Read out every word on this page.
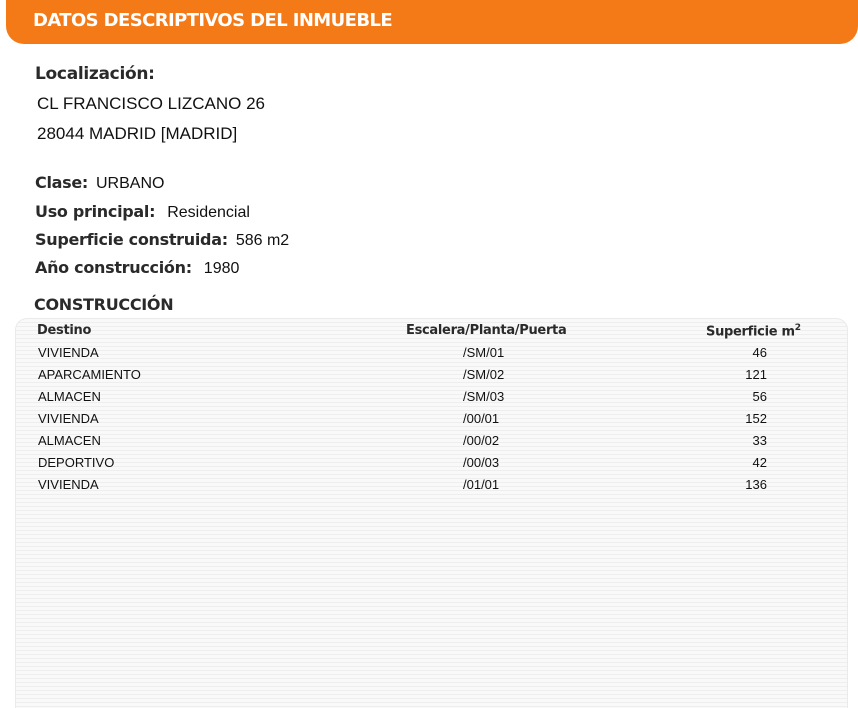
DATOS DESCRIPTIVOS DEL INMUEBLE
Localización:
CL FRANCISCO LIZCANO 26
28044 MADRID [MADRID]
Clase: URBANO
Uso principal: Residencial
Superficie construida: 586 m2
Año construcción: 1980
CONSTRUCCIÓN
Destino	Escalera/Planta/Puerta	Superficie $m^2$
VIVIENDA	/SM/01	46
APARCAMIENTO	/SM/02	121
ALMACEN	/SM/03	56
VIVIENDA	/00/01	152
ALMACEN	/00/02	33
DEPORTIVO	/00/03	42
VIVIENDA	/01/01	136
